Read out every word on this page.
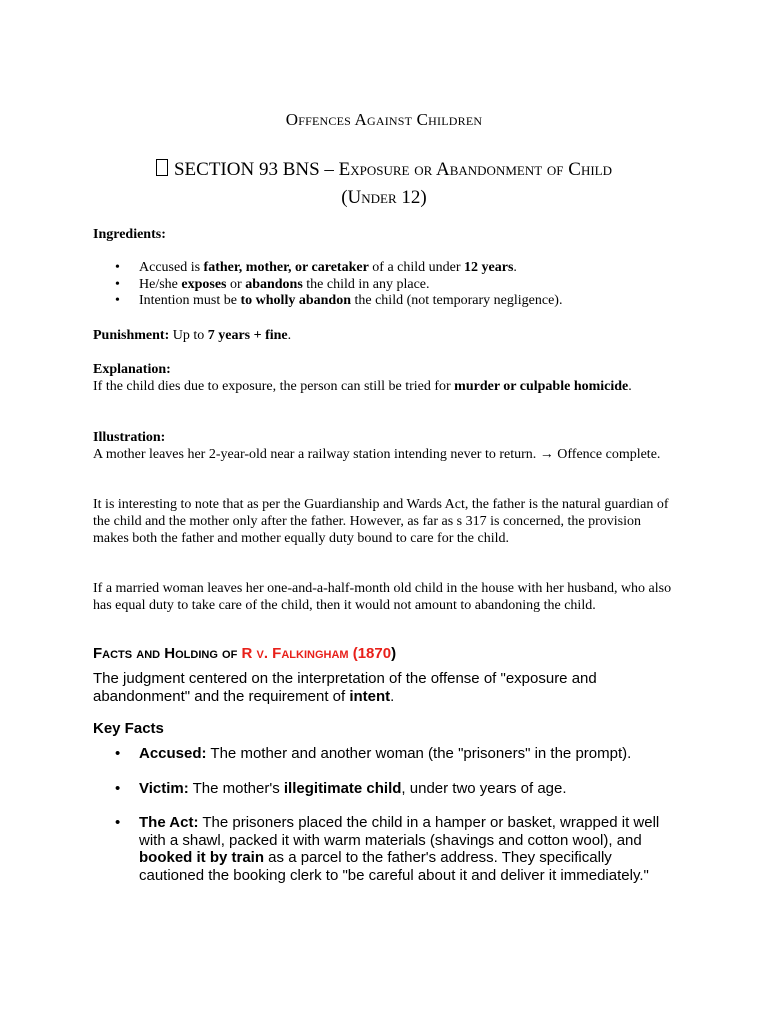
Offences Against Children
SECTION 93 BNS – Exposure or Abandonment of Child
(Under 12)
Ingredients:
• Accused is father, mother, or caretaker of a child under 12 years.
• He/she exposes or abandons the child in any place.
• Intention must be to wholly abandon the child (not temporary negligence).
Punishment: Up to 7 years + fine.

Explanation:

If the child dies due to exposure, the person can still be tried for murder or culpable homicide.

Illustration:

A mother leaves her 2-year-old near a railway station intending never to return. → Offence complete.

It is interesting to note that as per the Guardianship and Wards Act, the father is the natural guardian of the child and the mother only after the father. However, as far as s 317 is concerned, the provision makes both the father and mother equally duty bound to care for the child.

If a married woman leaves her one-and-a-half-month old child in the house with her husband, who also has equal duty to take care of the child, then it would not amount to abandoning the child.

Facts and Holding of R v. Falkingham (1870)
The judgment centered on the interpretation of the offense of "exposure and abandonment" and the requirement of intent.
Key Facts
• Accused: The mother and another woman (the "prisoners" in the prompt).
• Victim: The mother's illegitimate child, under two years of age.
• The Act: The prisoners placed the child in a hamper or basket, wrapped it well with a shawl, packed it with warm materials (shavings and cotton wool), and booked it by train as a parcel to the father's address. They specifically cautioned the booking clerk to "be careful about it and deliver it immediately."
